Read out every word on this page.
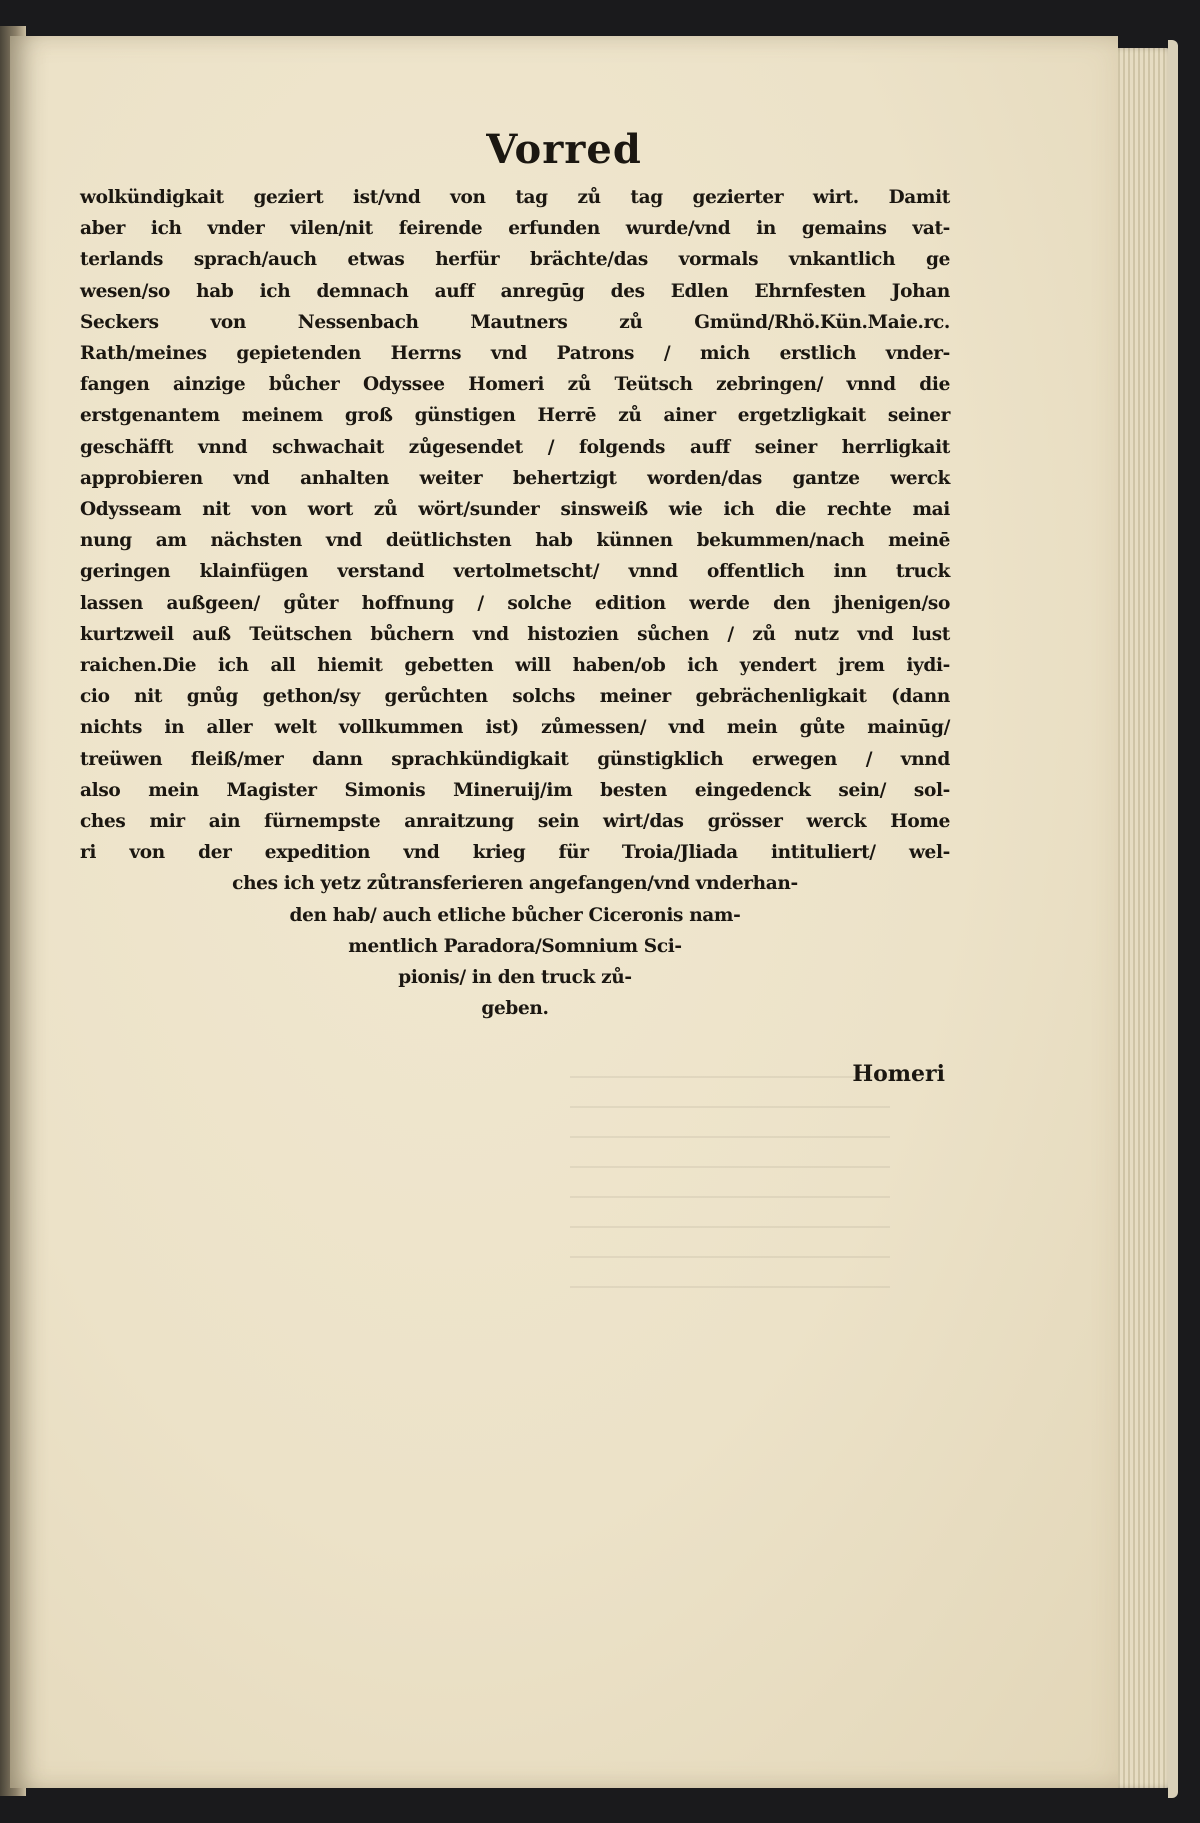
Vorred
wolkündigkait geziert ist/vnd von tag zů tag gezierter wirt. Damit
aber ich vnder vilen/nit feirende erfunden wurde/vnd in gemains vat-
terlands sprach/auch etwas herfür brächte/das vormals vnkantlich ge
wesen/so hab ich demnach auff anregūg des Edlen Ehrnfesten Johan
Seckers von Nessenbach Mautners zů Gmünd/Rhö.Kün.Maie.rc.
Rath/meines gepietenden Herrns vnd Patrons / mich erstlich vnder-
fangen ainzige bůcher Odyssee Homeri zů Teütsch zebringen/ vnnd die
erstgenantem meinem groß günstigen Herrē zů ainer ergetzligkait seiner
geschäfft vnnd schwachait zůgesendet / folgends auff seiner herrligkait
approbieren vnd anhalten weiter behertzigt worden/das gantze werck
Odysseam nit von wort zů wört/sunder sinsweiß wie ich die rechte mai
nung am nächsten vnd deütlichsten hab künnen bekummen/nach meinē
geringen klainfügen verstand vertolmetscht/ vnnd offentlich inn truck
lassen außgeen/ gůter hoffnung / solche edition werde den jhenigen/so
kurtzweil auß Teütschen bůchern vnd histozien sůchen / zů nutz vnd lust
raichen.Die ich all hiemit gebetten will haben/ob ich yendert jrem iydi-
cio nit gnůg gethon/sy gerůchten solchs meiner gebrächenligkait (dann
nichts in aller welt vollkummen ist) zůmessen/ vnd mein gůte mainūg/
treüwen fleiß/mer dann sprachkündigkait günstigklich erwegen / vnnd
also mein Magister Simonis Mineruij/im besten eingedenck sein/ sol-
ches mir ain fürnempste anraitzung sein wirt/das grösser werck Home
ri von der expedition vnd krieg für Troia/Jliada intituliert/ wel-
ches ich yetz zůtransferieren angefangen/vnd vnderhan-
den hab/ auch etliche bůcher Ciceronis nam-
mentlich Paradora/Somnium Sci-
pionis/ in den truck zů-
geben.
Homeri
